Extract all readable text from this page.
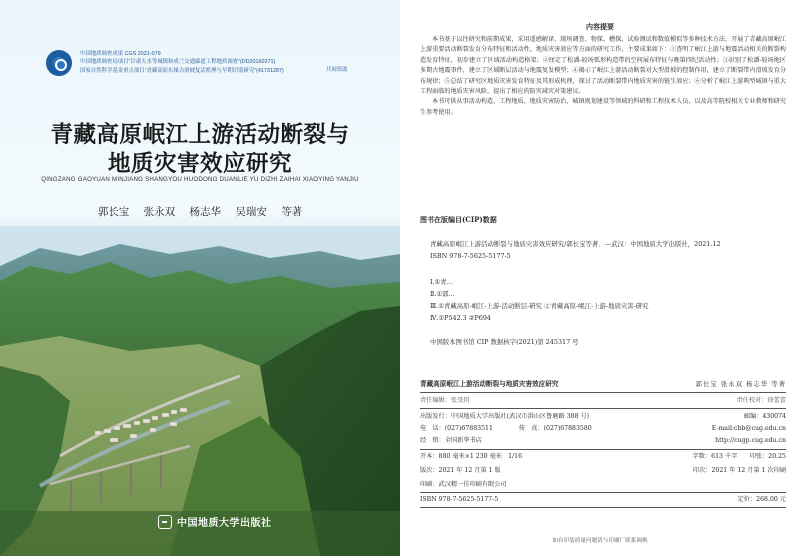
中国地质调查成果 CGS 2021-079
中国地质调查局项目“甘肃天水等城镇和成兰交通廊道工程地质调查”(DD20160271)
国家自然科学基金重点项目“青藏高原东缘古滑坡复活机理与早期识别研究”(41731287)	共同资助
青藏高原岷江上游活动断裂与
地质灾害效应研究
QINGZANG GAOYUAN MINJIANG SHANGYOU HUODONG DUANLIE YU DIZHI ZAIHAI XIAOYING YANJIU
郭长宝 张永双 杨志华 吴瑞安 等著
中国地质大学出版社
内容提要

本书基于以往研究和前期成果，采用遥感解译、现场调查、物探、槽探、试验测试和数值模拟等多种技术方法，开展了青藏高原岷江上游重要活动断裂发育分布特征和活动性、地质灾害效应等方面的研究工作，主要成果如下：①查明了岷江上游与地震活动相关的断裂构造发育特征，初步建立了区域活动构造格架；②厘定了松潘-较场弧形构造带的空间展布特征与晚第四纪活动性；③识别了松潘-较场地区多期古地震事件，建立了区域断层活动与地震复发模型；④揭示了岷江上游活动断裂对大型滑坡的控制作用，建立了断裂带内滑坡发育分布规律；⑤总结了研究区地质灾害发育特征及其形成机理，探讨了活动断裂带内地质灾害的链生效应；⑥分析了岷江上游典型城镇与重大工程面临的地质灾害风险，提出了相应的防灾减灾对策建议。

本书可供从事活动构造、工程地质、地质灾害防治、城镇规划建设等领域的科研和工程技术人员，以及高等院校相关专业教师和研究生参考使用。

图书在版编目(CIP)数据
青藏高原岷江上游活动断裂与地质灾害效应研究/郭长宝等著．—武汉：中国地质大学出版社，2021.12
ISBN 978-7-5625-5177-5
Ⅰ.①青…
Ⅱ.①郭…
Ⅲ.①青藏高原-岷江-上游-活动断层-研究 ②青藏高原-岷江-上游-地质灾害-研究
Ⅳ.①P542.3 ②P694
中国版本图书馆 CIP 数据核字(2021)第 245317 号
青藏高原岷江上游活动断裂与地质灾害效应研究	郭长宝 张永双 杨志华 等著
责任编辑：张旻玥	责任校对：徐蕾蕾
出版发行：中国地质大学出版社(武汉市洪山区鲁磨路 388 号)	邮编：430074
电　话：(027)67883511	传　真：(027)67883580	E-mail:cbb@cug.edu.cn
经　销：全国新华书店	http://cugp.cug.edu.cn
开本：880 毫米×1 230 毫米　1/16	字数：613 千字　　印张：20.25
版次：2021 年 12 月第 1 版	印次：2021 年 12 月第 1 次印刷
印刷：武汉精一佳印刷有限公司
ISBN 978-7-5625-5177-5	定价：268.00 元
如有印装质量问题请与印刷厂联系调换
